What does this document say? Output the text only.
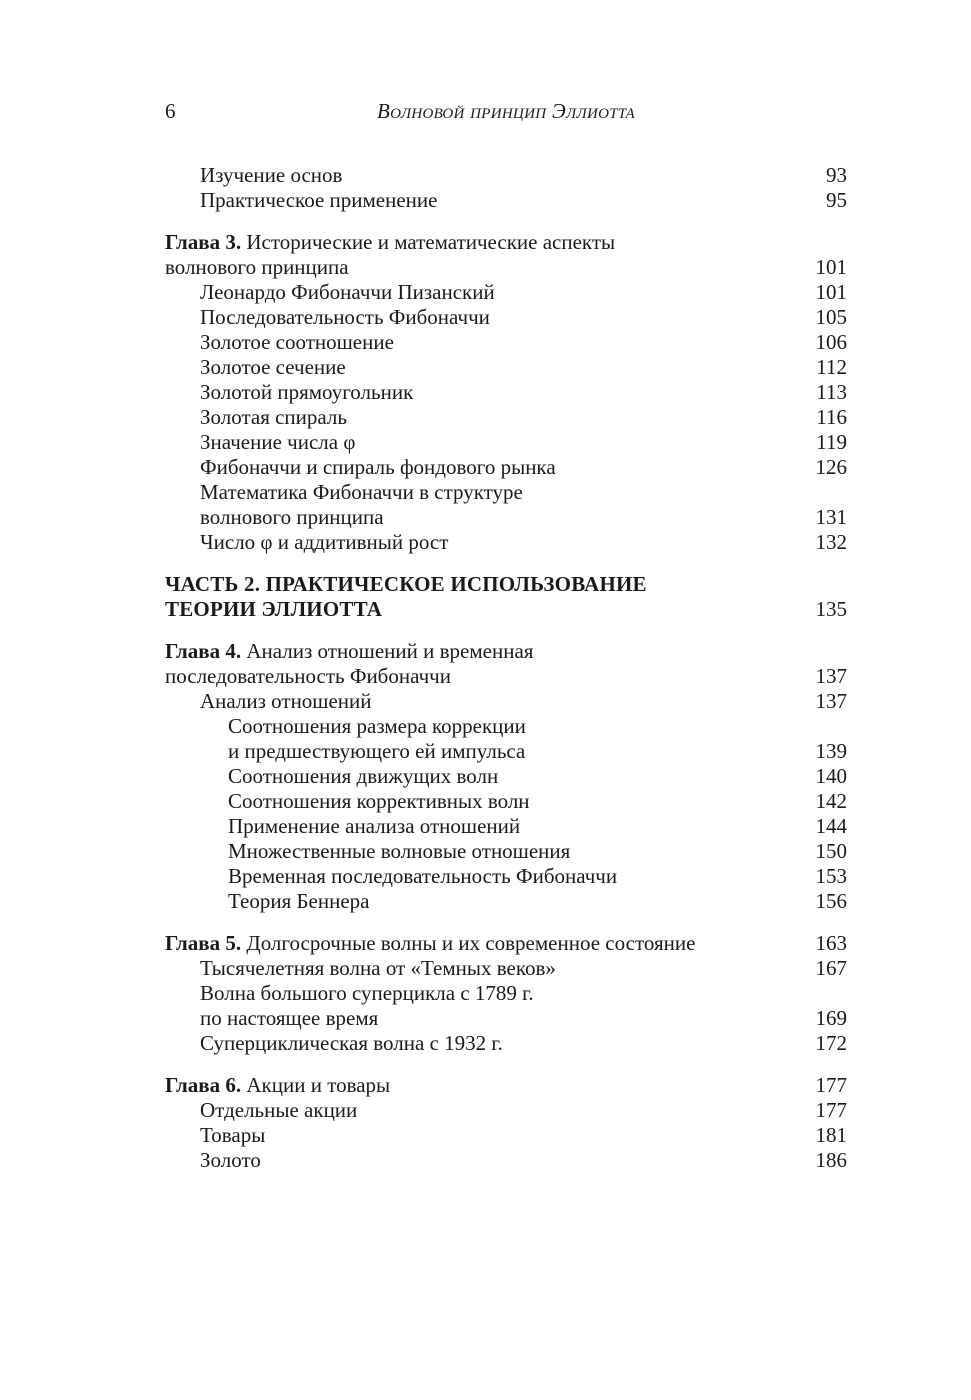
6	Волновой принцип Эллиотта
Изучение основ	93
Практическое применение	95
Глава 3. Исторические и математические аспекты
волнового принципа	101
Леонардо Фибоначчи Пизанский	101
Последовательность Фибоначчи	105
Золотое соотношение	106
Золотое сечение	112
Золотой прямоугольник	113
Золотая спираль	116
Значение числа φ	119
Фибоначчи и спираль фондового рынка	126
Математика Фибоначчи в структуре
волнового принципа	131
Число φ и аддитивный рост	132
ЧАСТЬ 2. ПРАКТИЧЕСКОЕ ИСПОЛЬЗОВАНИЕ
ТЕОРИИ ЭЛЛИОТТА	135
Глава 4. Анализ отношений и временная
последовательность Фибоначчи	137
Анализ отношений	137
Соотношения размера коррекции
и предшествующего ей импульса	139
Соотношения движущих волн	140
Соотношения коррективных волн	142
Применение анализа отношений	144
Множественные волновые отношения	150
Временная последовательность Фибоначчи	153
Теория Беннера	156
Глава 5. Долгосрочные волны и их современное состояние	163
Тысячелетняя волна от «Темных веков»	167
Волна большого суперцикла с 1789 г.
по настоящее время	169
Суперциклическая волна с 1932 г.	172
Глава 6. Акции и товары	177
Отдельные акции	177
Товары	181
Золото	186
